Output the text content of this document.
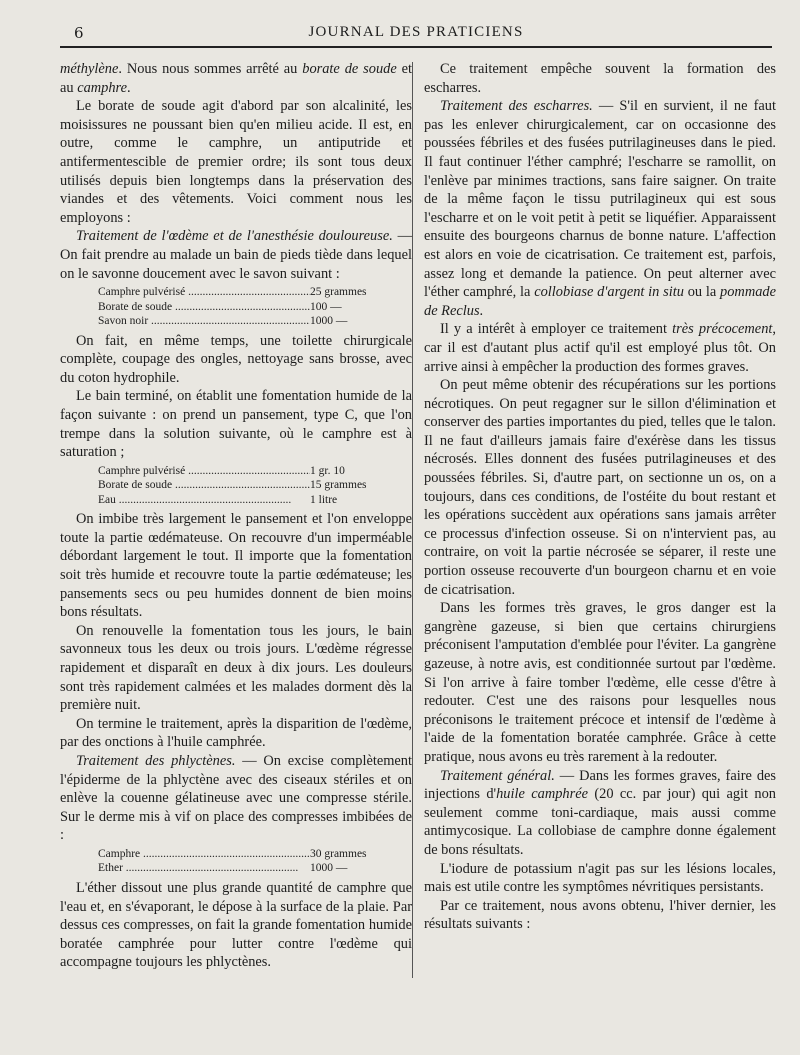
6	JOURNAL DES PRATICIENS

méthylène. Nous nous sommes arrêté au borate de soude et au camphre.

Le borate de soude agit d'abord par son alcalinité, les moisissures ne poussant bien qu'en milieu acide. Il est, en outre, comme le camphre, un antiputride et antifermentescible de premier ordre; ils sont tous deux utilisés depuis bien longtemps dans la préservation des viandes et des vêtements. Voici comment nous les employons :

Traitement de l'œdème et de l'anesthésie douloureuse. — On fait prendre au malade un bain de pieds tiède dans lequel on le savonne doucement avec le savon suivant :

Camphre pulvérisé .....	25 grammes
Borate de soude .....	100 —
Savon noir .....	1000 —

On fait, en même temps, une toilette chirurgicale complète, coupage des ongles, nettoyage sans brosse, avec du coton hydrophile.

Le bain terminé, on établit une fomentation humide de la façon suivante : on prend un pansement, type C, que l'on trempe dans la solution suivante, où le camphre est à saturation ;

Camphre pulvérisé .....	1 gr. 10
Borate de soude .....	15 grammes
Eau .....	1 litre

On imbibe très largement le pansement et l'on enveloppe toute la partie œdémateuse. On recouvre d'un imperméable débordant largement le tout. Il importe que la fomentation soit très humide et recouvre toute la partie œdémateuse; les pansements secs ou peu humides donnent de bien moins bons résultats.

On renouvelle la fomentation tous les jours, le bain savonneux tous les deux ou trois jours. L'œdème régresse rapidement et disparaît en deux à dix jours. Les douleurs sont très rapidement calmées et les malades dorment dès la première nuit.

On termine le traitement, après la disparition de l'œdème, par des onctions à l'huile camphrée.

Traitement des phlyctènes. — On excise complètement l'épiderme de la phlyctène avec des ciseaux stériles et on enlève la couenne gélatineuse avec une compresse stérile. Sur le derme mis à vif on place des compresses imbibées de :

Camphre .....	30 grammes
Ether .....	1000 —

L'éther dissout une plus grande quantité de camphre que l'eau et, en s'évaporant, le dépose à la surface de la plaie. Par dessus ces compresses, on fait la grande fomentation humide boratée camphrée pour lutter contre l'œdème qui accompagne toujours les phlyctènes.

Ce traitement empêche souvent la formation des escharres.

Traitement des escharres. — S'il en survient, il ne faut pas les enlever chirurgicalement, car on occasionne des poussées fébriles et des fusées putrilagineuses dans le pied. Il faut continuer l'éther camphré; l'escharre se ramollit, on l'enlève par minimes tractions, sans faire saigner. On traite de la même façon le tissu putrilagineux qui est sous l'escharre et on le voit petit à petit se liquéfier. Apparaissent ensuite des bourgeons charnus de bonne nature. L'affection est alors en voie de cicatrisation. Ce traitement est, parfois, assez long et demande la patience. On peut alterner avec l'éther camphré, la collobiase d'argent in situ ou la pommade de Reclus.

Il y a intérêt à employer ce traitement très précocement, car il est d'autant plus actif qu'il est employé plus tôt. On arrive ainsi à empêcher la production des formes graves.

On peut même obtenir des récupérations sur les portions nécrotiques. On peut regagner sur le sillon d'élimination et conserver des parties importantes du pied, telles que le talon. Il ne faut d'ailleurs jamais faire d'exérèse dans les tissus nécrosés. Elles donnent des fusées putrilagineuses et des poussées fébriles. Si, d'autre part, on sectionne un os, on a toujours, dans ces conditions, de l'ostéite du bout restant et les opérations succèdent aux opérations sans jamais arrêter ce processus d'infection osseuse. Si on n'intervient pas, au contraire, on voit la partie nécrosée se séparer, il reste une portion osseuse recouverte d'un bourgeon charnu et en voie de cicatrisation.

Dans les formes très graves, le gros danger est la gangrène gazeuse, si bien que certains chirurgiens préconisent l'amputation d'emblée pour l'éviter. La gangrène gazeuse, à notre avis, est conditionnée surtout par l'œdème. Si l'on arrive à faire tomber l'œdème, elle cesse d'être à redouter. C'est une des raisons pour lesquelles nous préconisons le traitement précoce et intensif de l'œdème à l'aide de la fomentation boratée camphrée. Grâce à cette pratique, nous avons eu très rarement à la redouter.

Traitement général. — Dans les formes graves, faire des injections d'huile camphrée (20 cc. par jour) qui agit non seulement comme toni-cardiaque, mais aussi comme antimycosique. La collobiase de camphre donne également de bons résultats.

L'iodure de potassium n'agit pas sur les lésions locales, mais est utile contre les symptômes névritiques persistants.

Par ce traitement, nous avons obtenu, l'hiver dernier, les résultats suivants :
